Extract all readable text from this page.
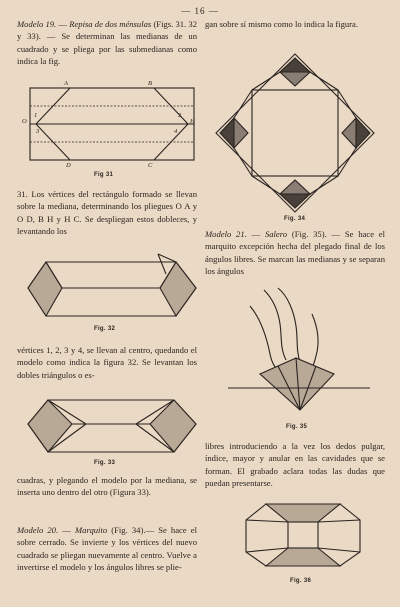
— 16 —

Modelo 19. — Repisa de dos ménsulas (Figs. 31. 32 y 33). — Se determinan las medianas de un cuadrado y se pliega por las submedianas como indica la fig.

A	B
O	H
1	2
3	4
D	C
Fig 31

31. Los vértices del rectángulo formado se llevan sobre la mediana, determinando los pliegues O A y O D, B H y H C. Se despliegan estos dobleces, y levantando los

Fig. 32

vértices 1, 2, 3 y 4, se llevan al centro, quedando el modelo como indica la figura 32. Se levantan los dobles triángulos o es-

Fig. 33

cuadras, y plegando el modelo por la mediana, se inserta uno dentro del otro (Figura 33).

Modelo 20. — Marquito (Fig. 34).— Se hace el sobre cerrado. Se invierte y los vértices del nuevo cuadrado se pliegan nuevamente al centro. Vuelve a invertirse el modelo y los ángulos libres se plie-

gan sobre sí mismo como lo indica la figura.

Fig. 34

Modelo 21. — Salero (Fig. 35). — Se hace el marquito excepción hecha del plegado final de los ángulos libres. Se marcan las medianas y se separan los ángulos

Fig. 35

libres introduciendo a la vez los dedos pulgar, índice, mayor y anular en las cavidades que se forman. El grabado aclara todas las dudas que puedan presentarse.

Fig. 36
